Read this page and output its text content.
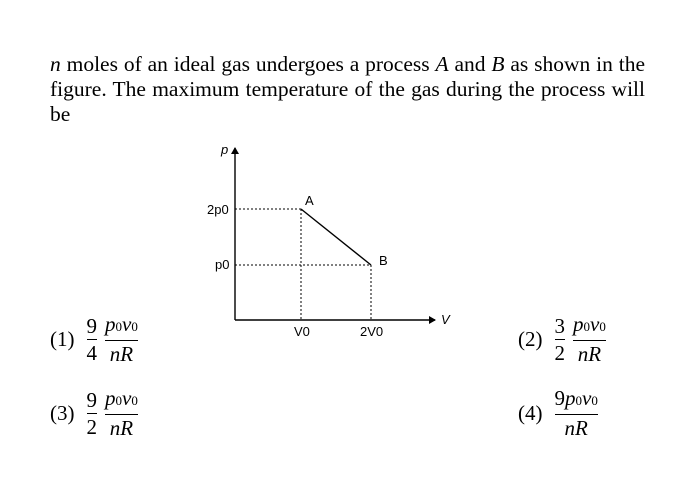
n moles of an ideal gas undergoes a process A and B as shown in the figure. The maximum temperature of the gas during the process will be
p
V
2p0
p0
V0	2V0
A
B
$(1) \frac{9}{4} \frac{p 0 v 0}{nR}$	$(2) \frac{3}{2} \frac{p 0 v 0}{nR}$
$(3) \frac{9}{2} \frac{p 0 v 0}{nR}$	$(4) \frac{9 p 0 v 0}{nR}$
